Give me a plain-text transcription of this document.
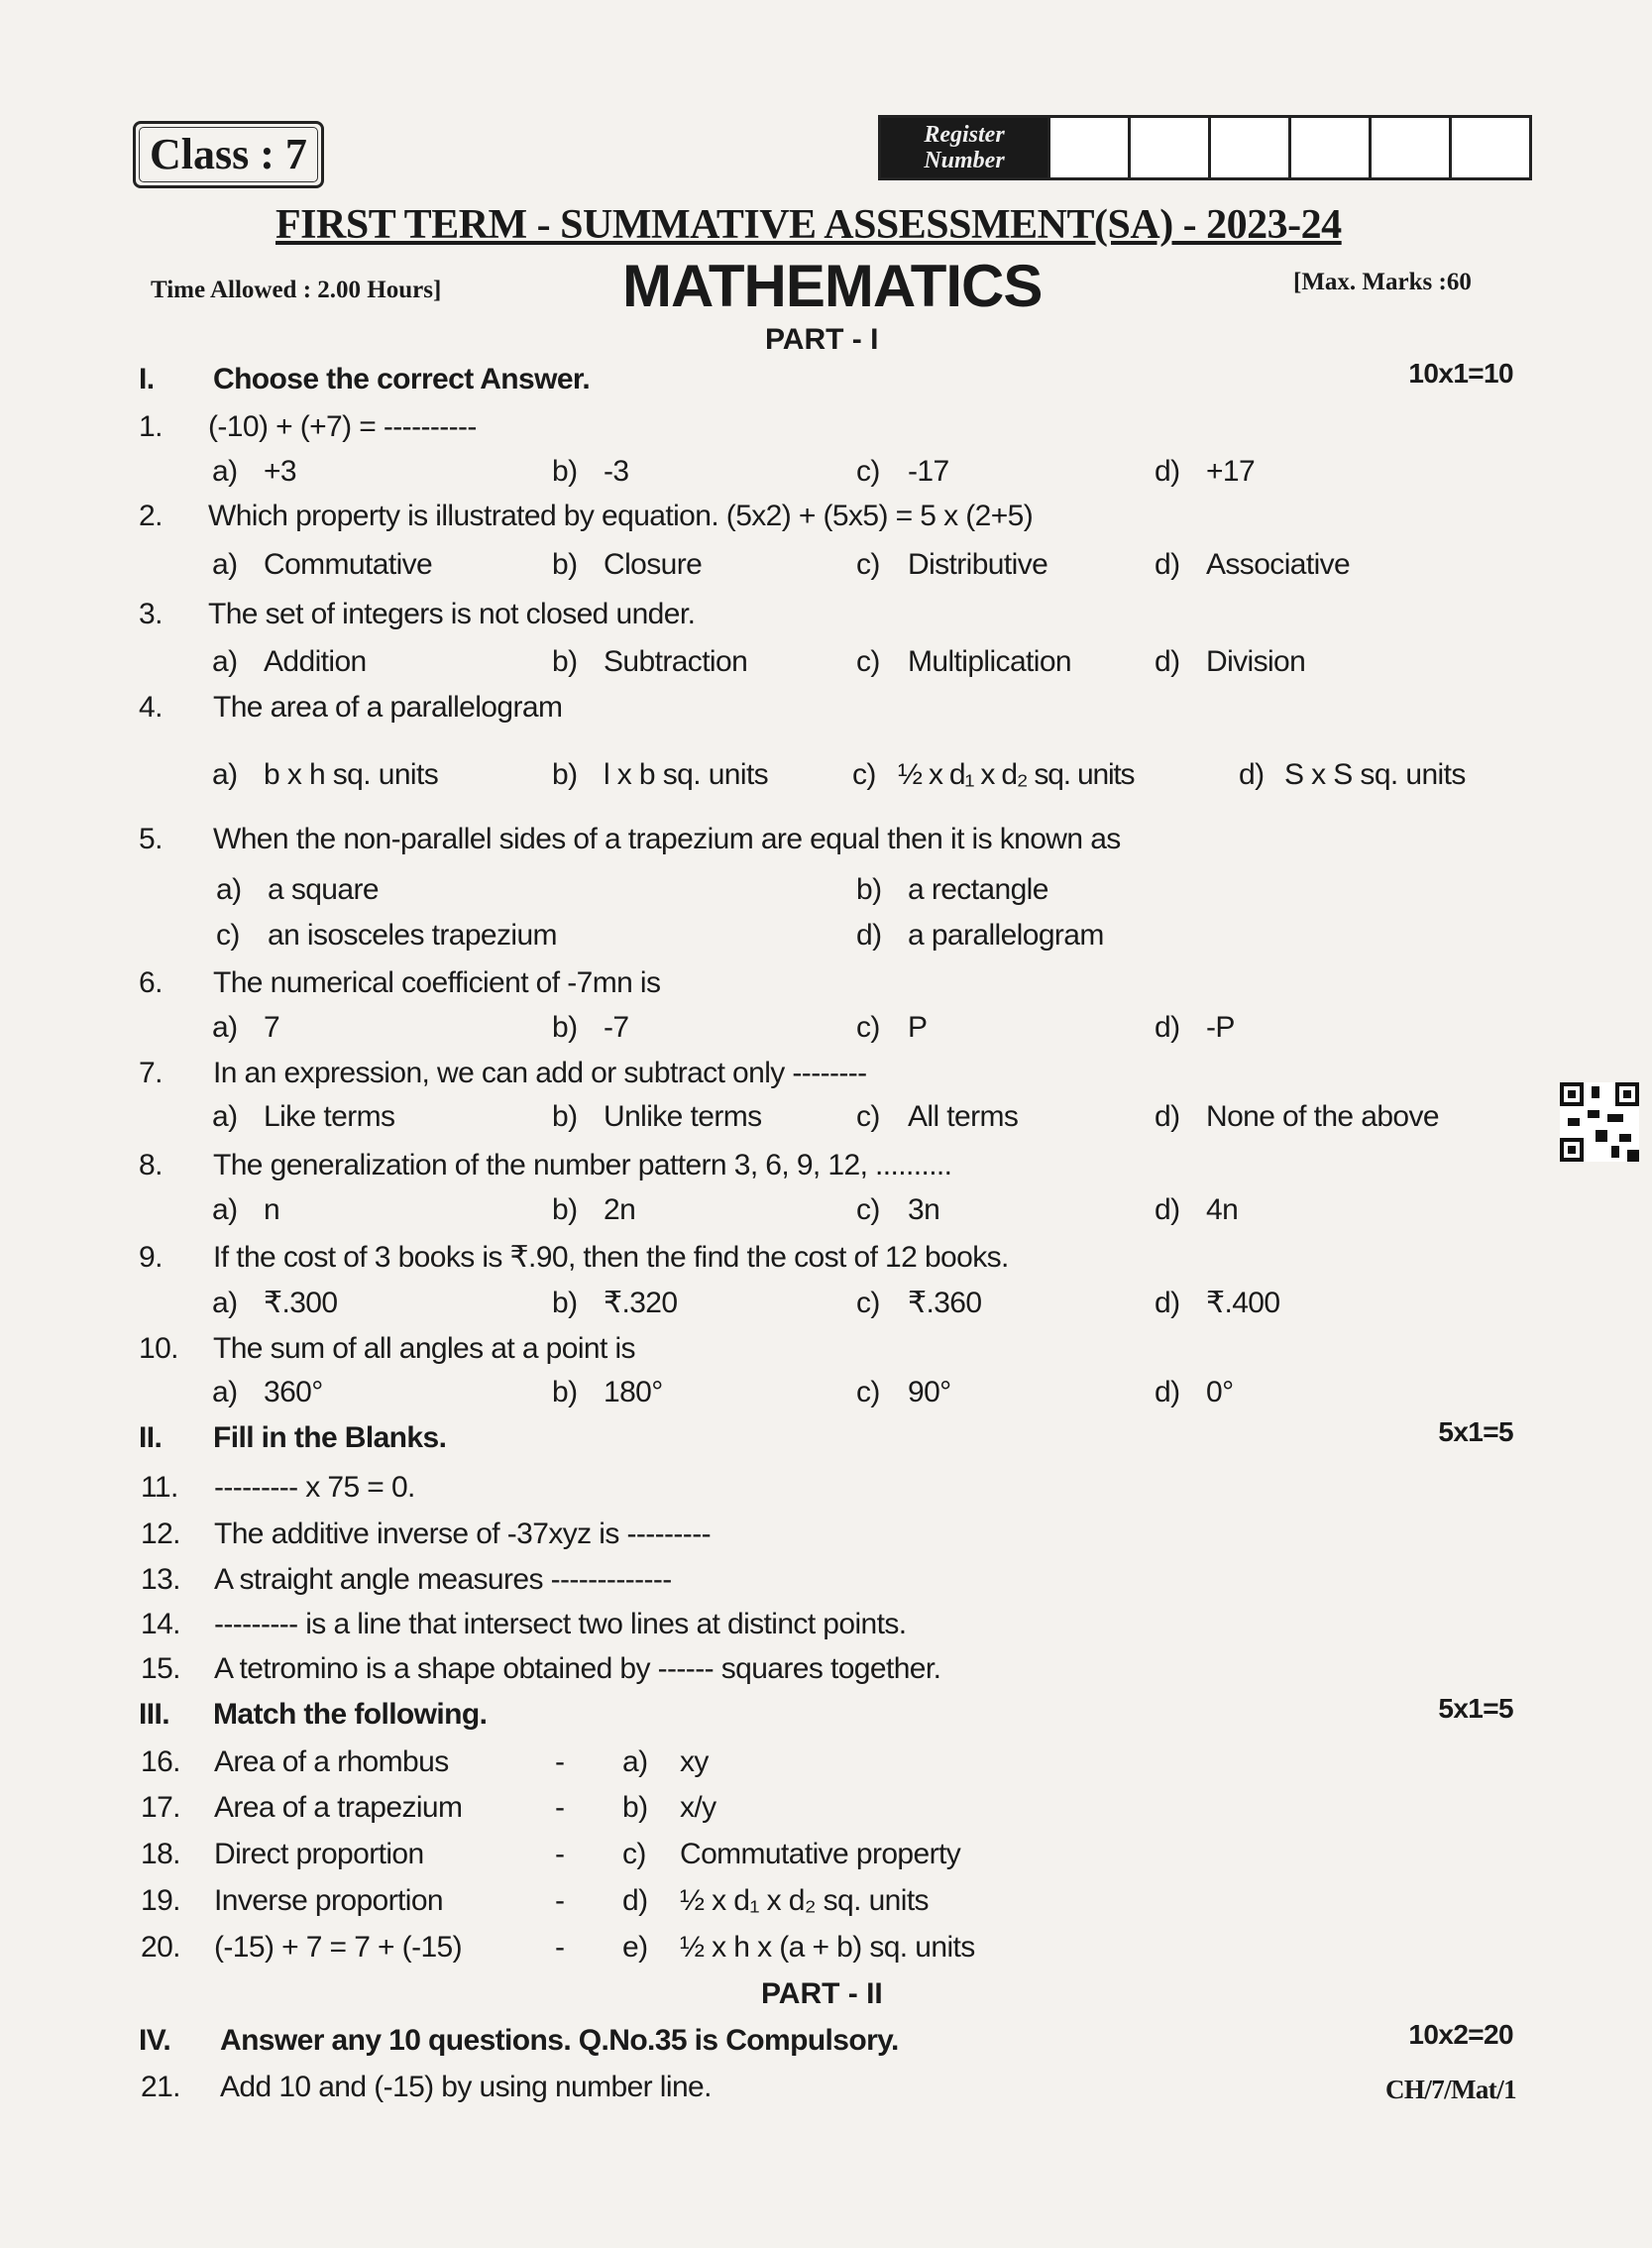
Class : 7	Register
Number
FIRST TERM - SUMMATIVE ASSESSMENT(SA) - 2023-24
Time Allowed : 2.00 Hours]	MATHEMATICS	[Max. Marks :60
PART - I
PART - II
I. Choose the correct Answer.	10x1=10
II. Fill in the Blanks.	5x1=5
III. Match the following.	5x1=5
IV. Answer any 10 questions. Q.No.35 is Compulsory.	10x2=20
1. (-10) + (+7) = ----------
a) +3	b) -3	c) -17	d) +17
2. Which property is illustrated by equation. (5x2) + (5x5) = 5 x (2+5)
a) Commutative	b) Closure	c) Distributive	d) Associative
3. The set of integers is not closed under.
a) Addition	b) Subtraction	c) Multiplication	d) Division
4. The area of a parallelogram
a) b x h sq. units	b) l x b sq. units	c) ½ x d₁ x d₂ sq. units	d) S x S sq. units
5. When the non-parallel sides of a trapezium are equal then it is known as
a) a square	b) a rectangle
c) an isosceles trapezium	d) a parallelogram
6. The numerical coefficient of -7mn is
a) 7	b) -7	c) P	d) -P
7. In an expression, we can add or subtract only --------
a) Like terms	b) Unlike terms	c) All terms	d) None of the above
8. The generalization of the number pattern 3, 6, 9, 12, ..........
a) n	b) 2n	c) 3n	d) 4n
9. If the cost of 3 books is ₹.90, then the find the cost of 12 books.
a) ₹.300	b) ₹.320	c) ₹.360	d) ₹.400
10. The sum of all angles at a point is
a) 360°	b) 180°	c) 90°	d) 0°
11. --------- x 75 = 0.
12. The additive inverse of -37xyz is ---------
13. A straight angle measures -------------
14. --------- is a line that intersect two lines at distinct points.
15. A tetromino is a shape obtained by ------ squares together.
16. Area of a rhombus	- a) xy
17. Area of a trapezium	- b) x/y
18. Direct proportion	- c) Commutative property
19. Inverse proportion	- d) ½ x d₁ x d₂ sq. units
20. (-15) + 7 = 7 + (-15)	- e) ½ x h x (a + b) sq. units
21. Add 10 and (-15) by using number line.	CH/7/Mat/1
